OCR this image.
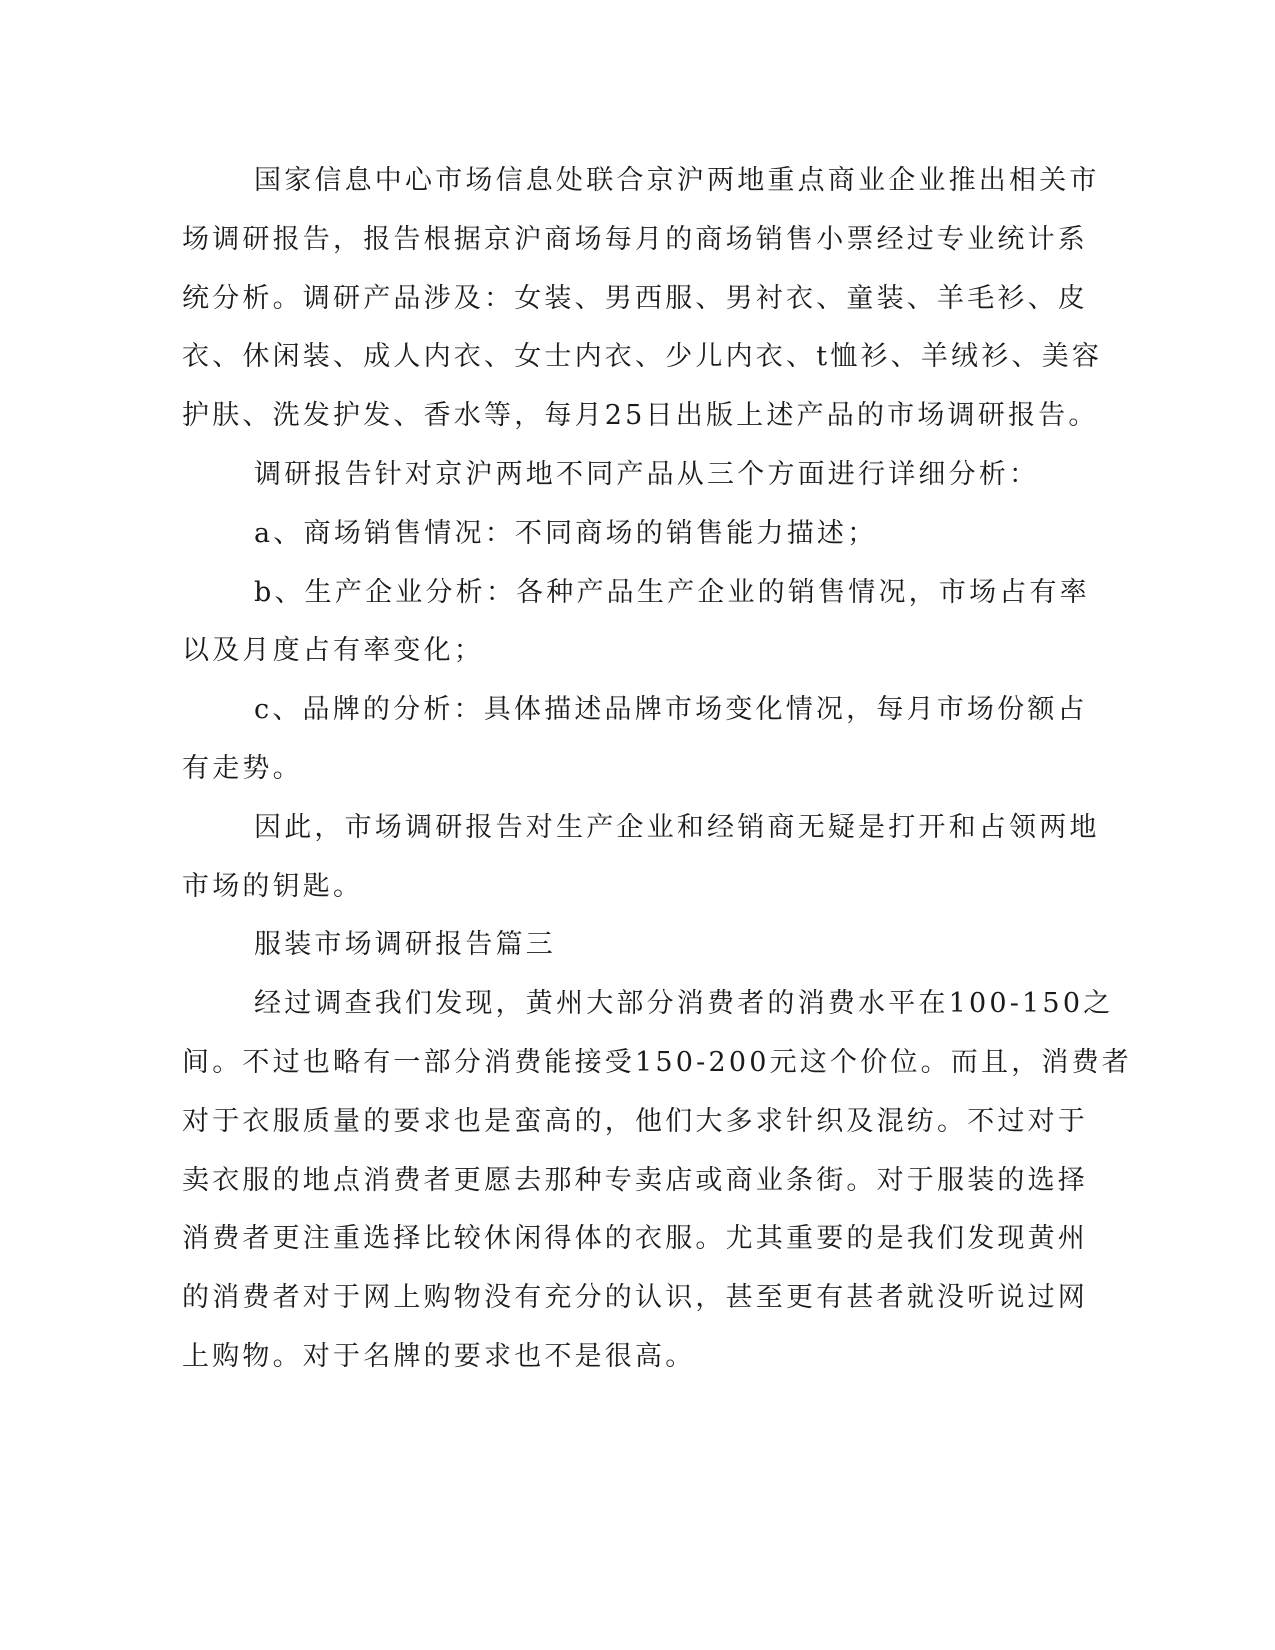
国家信息中心市场信息处联合京沪两地重点商业企业推出相关市
场调研报告，报告根据京沪商场每月的商场销售小票经过专业统计系
统分析。调研产品涉及：女装、男西服、男衬衣、童装、羊毛衫、皮
衣、休闲装、成人内衣、女士内衣、少儿内衣、t恤衫、羊绒衫、美容
护肤、洗发护发、香水等，每月25日出版上述产品的市场调研报告。
调研报告针对京沪两地不同产品从三个方面进行详细分析：
a、商场销售情况：不同商场的销售能力描述；
b、生产企业分析：各种产品生产企业的销售情况，市场占有率
以及月度占有率变化；
c、品牌的分析：具体描述品牌市场变化情况，每月市场份额占
有走势。
因此，市场调研报告对生产企业和经销商无疑是打开和占领两地
市场的钥匙。
服装市场调研报告篇三
经过调查我们发现，黄州大部分消费者的消费水平在100-150之
间。不过也略有一部分消费能接受150-200元这个价位。而且，消费者
对于衣服质量的要求也是蛮高的，他们大多求针织及混纺。不过对于
卖衣服的地点消费者更愿去那种专卖店或商业条街。对于服装的选择
消费者更注重选择比较休闲得体的衣服。尤其重要的是我们发现黄州
的消费者对于网上购物没有充分的认识，甚至更有甚者就没听说过网
上购物。对于名牌的要求也不是很高。
